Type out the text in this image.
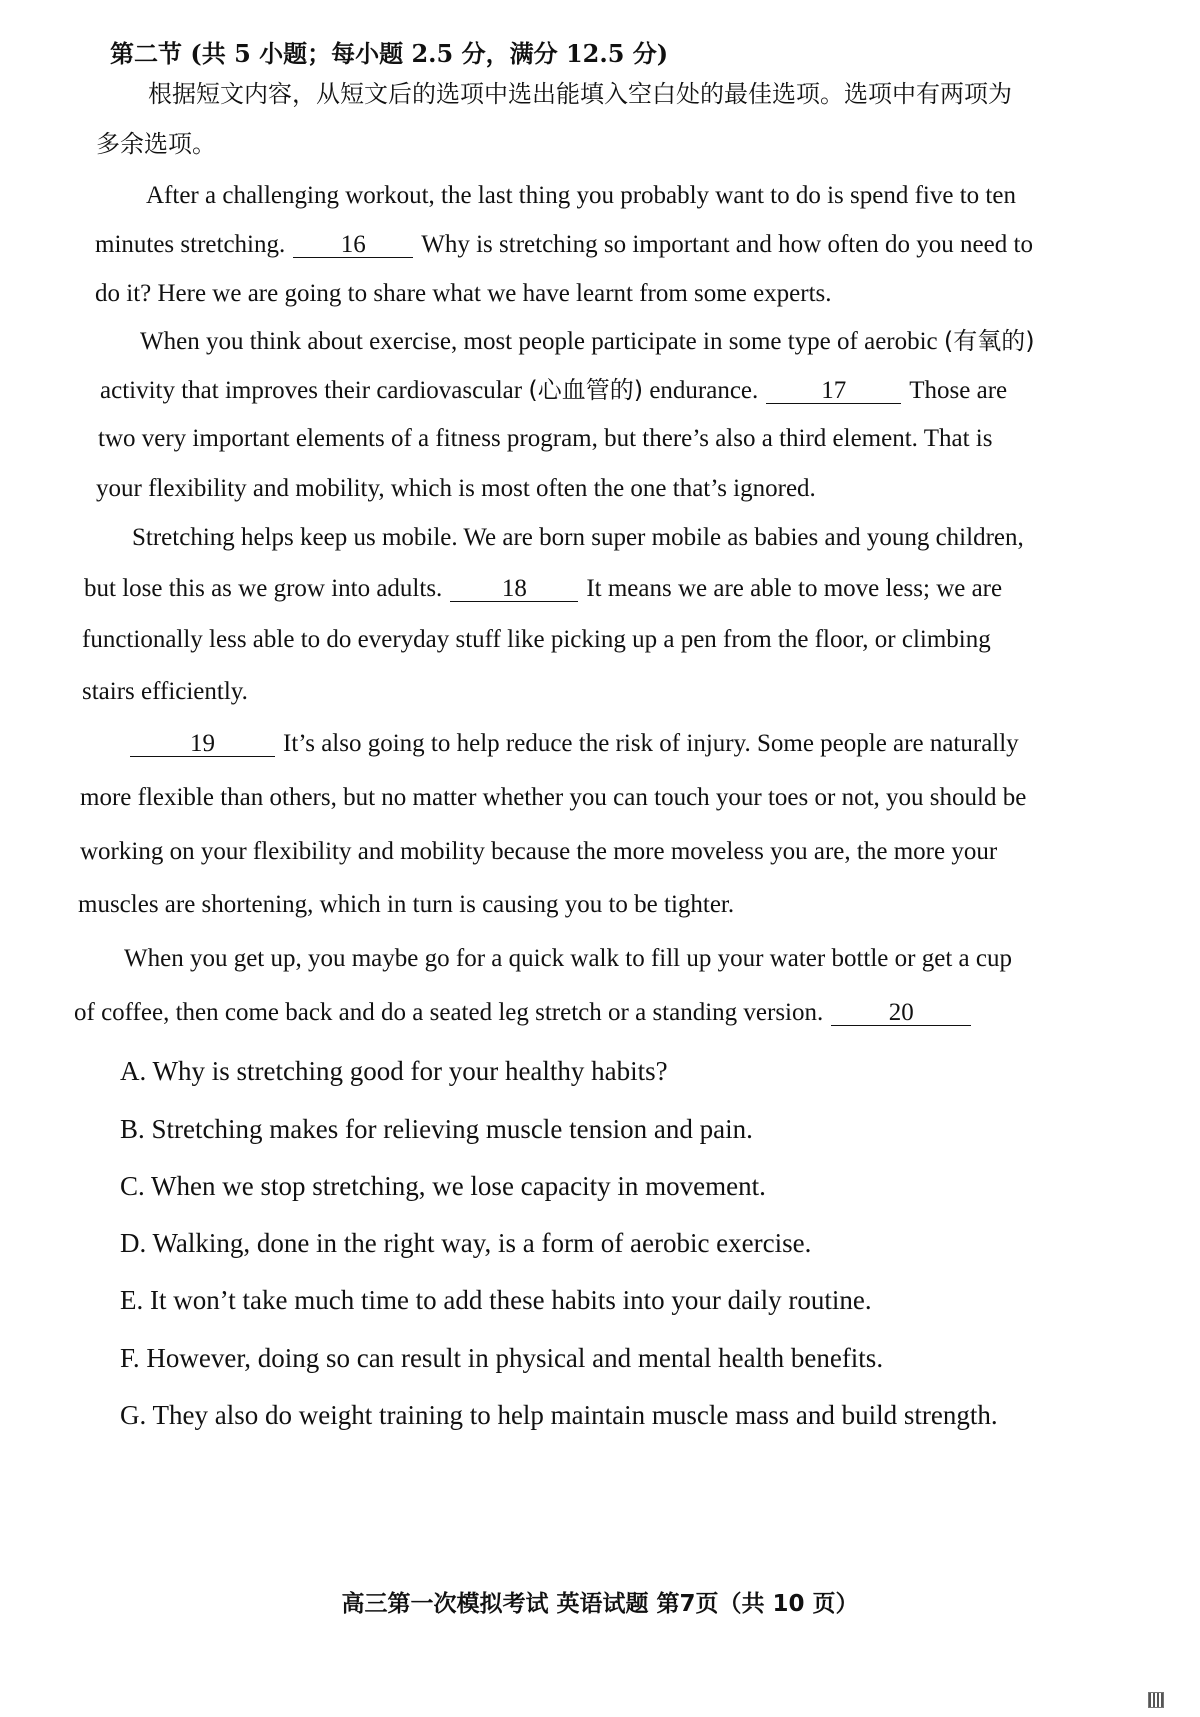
第二节 (共 5 小题；每小题 2.5 分，满分 12.5 分)
根据短文内容，从短文后的选项中选出能填入空白处的最佳选项。选项中有两项为
多余选项。
After a challenging workout, the last thing you probably want to do is spend five to ten
minutes stretching. 16 Why is stretching so important and how often do you need to
do it? Here we are going to share what we have learnt from some experts.
When you think about exercise, most people participate in some type of aerobic (有氧的)
activity that improves their cardiovascular (心血管的) endurance.	17	Those are
two very important elements of a fitness program, but there’s also a third element. That is
your flexibility and mobility, which is most often the one that’s ignored.
Stretching helps keep us mobile. We are born super mobile as babies and young children,
but lose this as we grow into adults. 18 It means we are able to move less; we are
functionally less able to do everyday stuff like picking up a pen from the floor, or climbing
stairs efficiently.
19	It’s also going to help reduce the risk of injury. Some people are naturally
more flexible than others, but no matter whether you can touch your toes or not, you should be
working on your flexibility and mobility because the more moveless you are, the more your
muscles are shortening, which in turn is causing you to be tighter.
When you get up, you maybe go for a quick walk to fill up your water bottle or get a cup
of coffee, then come back and do a seated leg stretch or a standing version.	20
A. Why is stretching good for your healthy habits?
B. Stretching makes for relieving muscle tension and pain.
C. When we stop stretching, we lose capacity in movement.
D. Walking, done in the right way, is a form of aerobic exercise.
E. It won’t take much time to add these habits into your daily routine.
F. However, doing so can result in physical and mental health benefits.
G. They also do weight training to help maintain muscle mass and build strength.
高三第一次模拟考试 英语试题 第7页（共 10 页）
